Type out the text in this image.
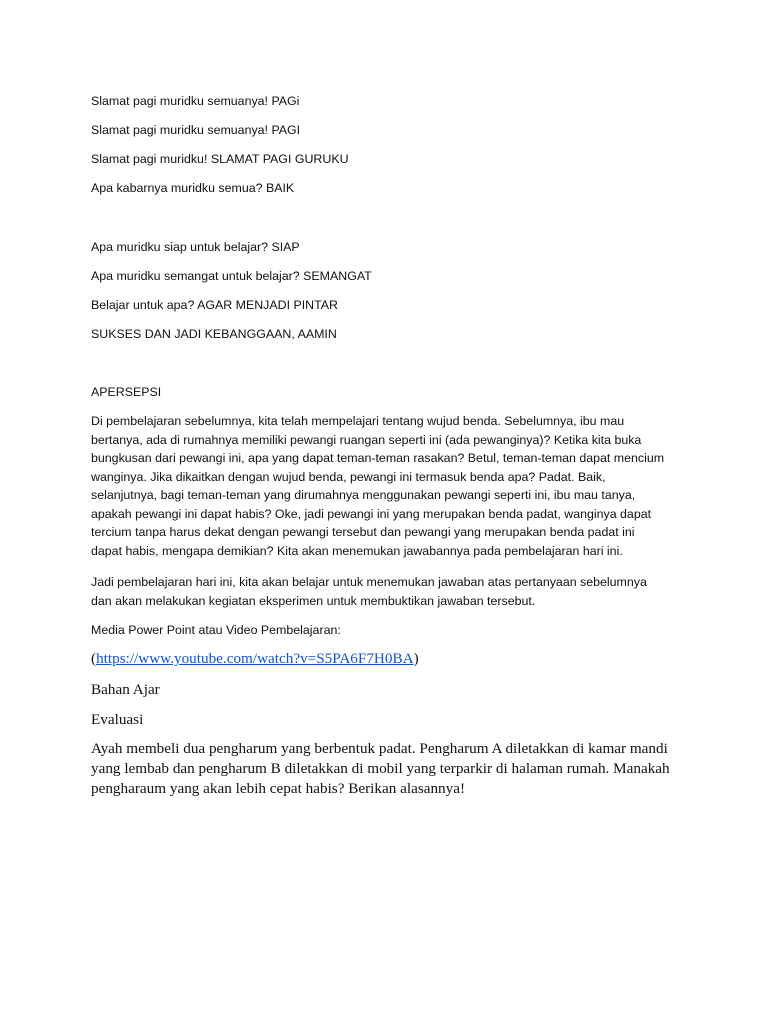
Slamat pagi muridku semuanya! PAGi

Slamat pagi muridku semuanya! PAGI

Slamat pagi muridku! SLAMAT PAGI GURUKU

Apa kabarnya muridku semua? BAIK

Apa muridku siap untuk belajar? SIAP

Apa muridku semangat untuk belajar? SEMANGAT

Belajar untuk apa? AGAR MENJADI PINTAR

SUKSES DAN JADI KEBANGGAAN, AAMIN

APERSEPSI

Di pembelajaran sebelumnya, kita telah mempelajari tentang wujud benda. Sebelumnya, ibu mau
bertanya, ada di rumahnya memiliki pewangi ruangan seperti ini (ada pewanginya)? Ketika kita buka
bungkusan dari pewangi ini, apa yang dapat teman-teman rasakan? Betul, teman-teman dapat mencium
wanginya. Jika dikaitkan dengan wujud benda, pewangi ini termasuk benda apa? Padat. Baik,
selanjutnya, bagi teman-teman yang dirumahnya menggunakan pewangi seperti ini, ibu mau tanya,
apakah pewangi ini dapat habis? Oke, jadi pewangi ini yang merupakan benda padat, wanginya dapat
tercium tanpa harus dekat dengan pewangi tersebut dan pewangi yang merupakan benda padat ini
dapat habis, mengapa demikian? Kita akan menemukan jawabannya pada pembelajaran hari ini.
Jadi pembelajaran hari ini, kita akan belajar untuk menemukan jawaban atas pertanyaan sebelumnya
dan akan melakukan kegiatan eksperimen untuk membuktikan jawaban tersebut.

Media Power Point atau Video Pembelajaran:

(https://www.youtube.com/watch?v=S5PA6F7H0BA)

Bahan Ajar

Evaluasi

Ayah membeli dua pengharum yang berbentuk padat. Pengharum A diletakkan di kamar mandi
yang lembab dan pengharum B diletakkan di mobil yang terparkir di halaman rumah. Manakah
pengharaum yang akan lebih cepat habis? Berikan alasannya!
